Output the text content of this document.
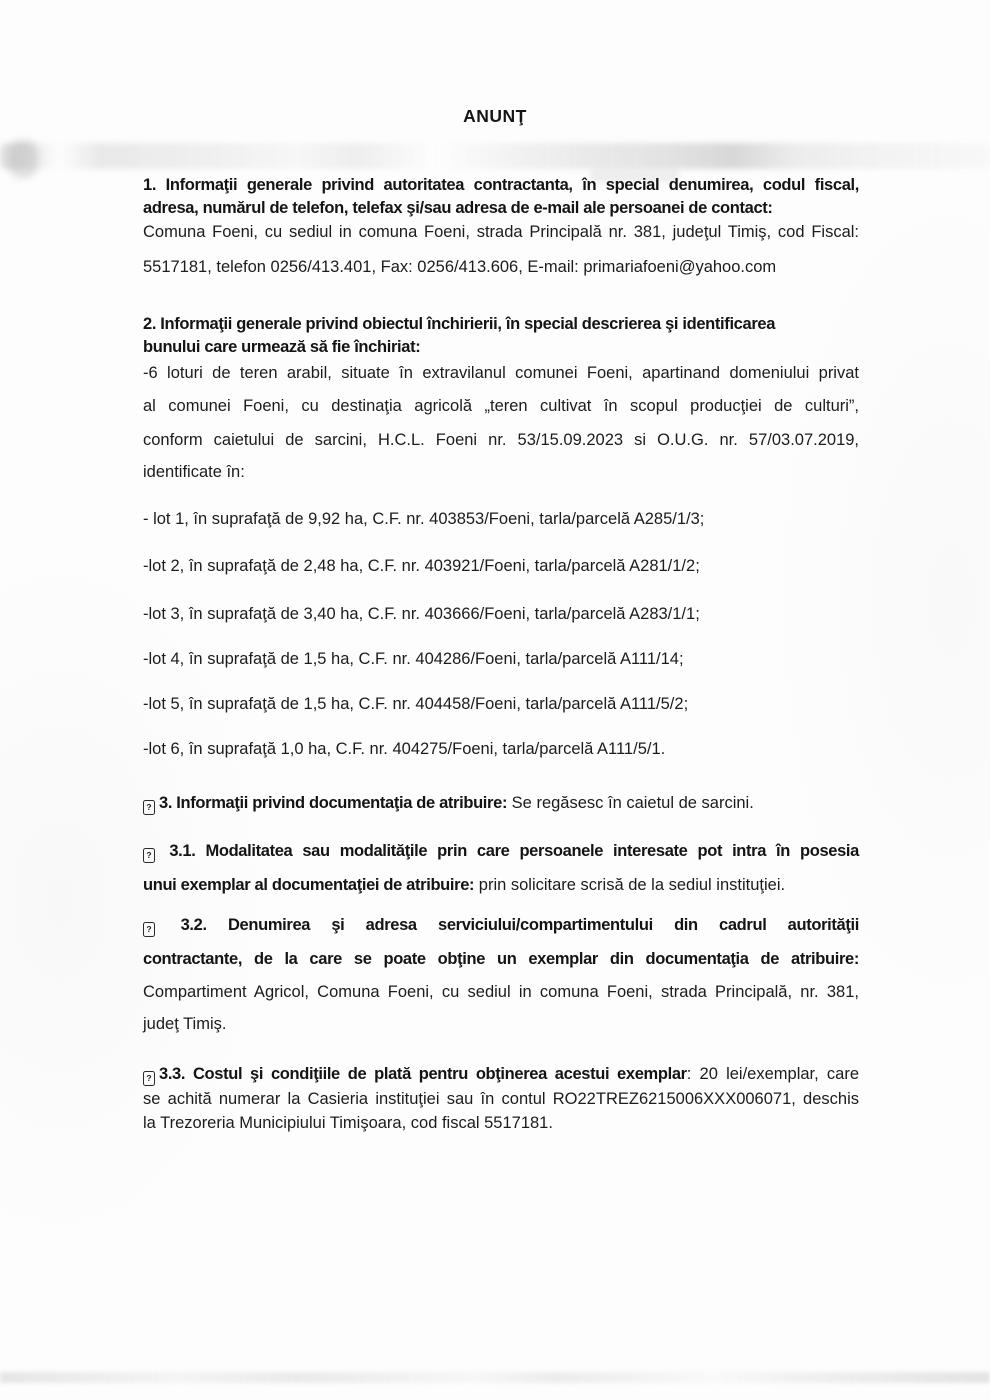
ANUNŢ
1. Informaţii generale privind autoritatea contractanta, în special denumirea, codul fiscal,
adresa, numărul de telefon, telefax şi/sau adresa de e-mail ale persoanei de contact:
Comuna Foeni, cu sediul in comuna Foeni, strada Principală nr. 381, judeţul Timiş, cod Fiscal:
5517181, telefon 0256/413.401, Fax: 0256/413.606, E-mail: primariafoeni@yahoo.com
2. Informaţii generale privind obiectul închirierii, în special descrierea şi identificarea
bunului care urmează să fie închiriat:
-6 loturi de teren arabil, situate în extravilanul comunei Foeni, apartinand domeniului privat
al comunei Foeni, cu destinaţia agricolă „teren cultivat în scopul producţiei de culturi”,
conform caietului de sarcini, H.C.L. Foeni nr. 53/15.09.2023 si O.U.G. nr. 57/03.07.2019,
identificate în:
- lot 1, în suprafaţă de 9,92 ha, C.F. nr. 403853/Foeni, tarla/parcelă A285/1/3;
-lot 2, în suprafaţă de 2,48 ha, C.F. nr. 403921/Foeni, tarla/parcelă A281/1/2;
-lot 3, în suprafaţă de 3,40 ha, C.F. nr. 403666/Foeni, tarla/parcelă A283/1/1;
-lot 4, în suprafaţă de 1,5 ha, C.F. nr. 404286/Foeni, tarla/parcelă A111/14;
-lot 5, în suprafaţă de 1,5 ha, C.F. nr. 404458/Foeni, tarla/parcelă A111/5/2;
-lot 6, în suprafaţă 1,0 ha, C.F. nr. 404275/Foeni, tarla/parcelă A111/5/1.
? 3. Informaţii privind documentaţia de atribuire: Se regăsesc în caietul de sarcini.
? 3.1. Modalitatea sau modalităţile prin care persoanele interesate pot intra în posesia
unui exemplar al documentaţiei de atribuire: prin solicitare scrisă de la sediul instituţiei.
? 3.2. Denumirea şi adresa serviciului/compartimentului din cadrul autorităţii
contractante, de la care se poate obţine un exemplar din documentaţia de atribuire:
Compartiment Agricol, Comuna Foeni, cu sediul in comuna Foeni, strada Principală, nr. 381,
judeţ Timiş.
? 3.3. Costul şi condiţiile de plată pentru obţinerea acestui exemplar: 20 lei/exemplar, care
se achită numerar la Casieria instituţiei sau în contul RO22TREZ6215006XXX006071, deschis
la Trezoreria Municipiului Timişoara, cod fiscal 5517181.
